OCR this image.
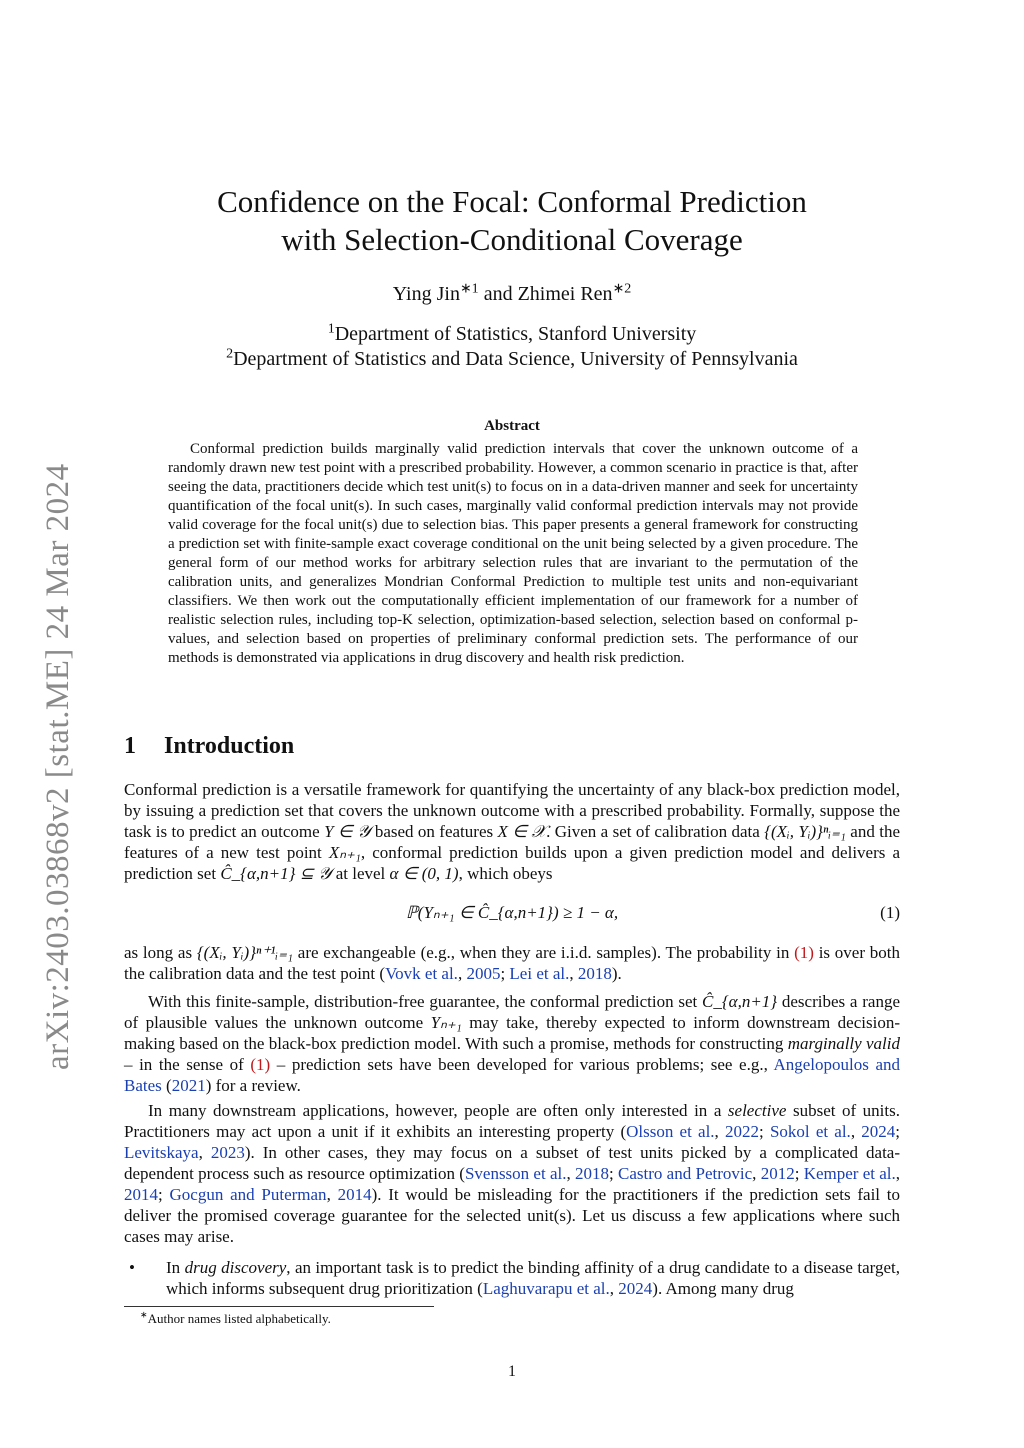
arXiv:2403.03868v2 [stat.ME] 24 Mar 2024
Confidence on the Focal: Conformal Prediction
with Selection-Conditional Coverage
Ying Jin$^{∗1}$ and Zhimei Ren$^{∗2}$
$^1$Department of Statistics, Stanford University
$^2$Department of Statistics and Data Science, University of Pennsylvania
Abstract
Conformal prediction builds marginally valid prediction intervals that cover the unknown outcome of a randomly drawn new test point with a prescribed probability. However, a common scenario in practice is that, after seeing the data, practitioners decide which test unit(s) to focus on in a data-driven manner and seek for uncertainty quantification of the focal unit(s). In such cases, marginally valid conformal prediction intervals may not provide valid coverage for the focal unit(s) due to selection bias. This paper presents a general framework for constructing a prediction set with finite-sample exact coverage conditional on the unit being selected by a given procedure. The general form of our method works for arbitrary selection rules that are invariant to the permutation of the calibration units, and generalizes Mondrian Conformal Prediction to multiple test units and non-equivariant classifiers. We then work out the computationally efficient implementation of our framework for a number of realistic selection rules, including top-K selection, optimization-based selection, selection based on conformal p-values, and selection based on properties of preliminary conformal prediction sets. The performance of our methods is demonstrated via applications in drug discovery and health risk prediction.
1 Introduction
Conformal prediction is a versatile framework for quantifying the uncertainty of any black-box prediction model, by issuing a prediction set that covers the unknown outcome with a prescribed probability. Formally, suppose the task is to predict an outcome Y ∈ 𝒴 based on features X ∈ 𝒳. Given a set of calibration data {(Xᵢ, Yᵢ)}ⁿᵢ₌₁ and the features of a new test point Xₙ₊₁, conformal prediction builds upon a given prediction model and delivers a prediction set Ĉ_{α,n+1} ⊆ 𝒴 at level α ∈ (0, 1), which obeys
ℙ(Yₙ₊₁ ∈ Ĉ_{α,n+1}) ≥ 1 − α,	(1)
as long as {(Xᵢ, Yᵢ)}ⁿ⁺¹ᵢ₌₁ are exchangeable (e.g., when they are i.i.d. samples). The probability in (1) is over both the calibration data and the test point (Vovk et al., 2005; Lei et al., 2018).
With this finite-sample, distribution-free guarantee, the conformal prediction set Ĉ_{α,n+1} describes a range of plausible values the unknown outcome Yₙ₊₁ may take, thereby expected to inform downstream decision-making based on the black-box prediction model. With such a promise, methods for constructing marginally valid – in the sense of (1) – prediction sets have been developed for various problems; see e.g., Angelopoulos and Bates (2021) for a review.
In many downstream applications, however, people are often only interested in a selective subset of units. Practitioners may act upon a unit if it exhibits an interesting property (Olsson et al., 2022; Sokol et al., 2024; Levitskaya, 2023). In other cases, they may focus on a subset of test units picked by a complicated data-dependent process such as resource optimization (Svensson et al., 2018; Castro and Petrovic, 2012; Kemper et al., 2014; Gocgun and Puterman, 2014). It would be misleading for the practitioners if the prediction sets fail to deliver the promised coverage guarantee for the selected unit(s). Let us discuss a few applications where such cases may arise.
•	In drug discovery, an important task is to predict the binding affinity of a drug candidate to a disease target, which informs subsequent drug prioritization (Laghuvarapu et al., 2024). Among many drug
∗Author names listed alphabetically.
1
